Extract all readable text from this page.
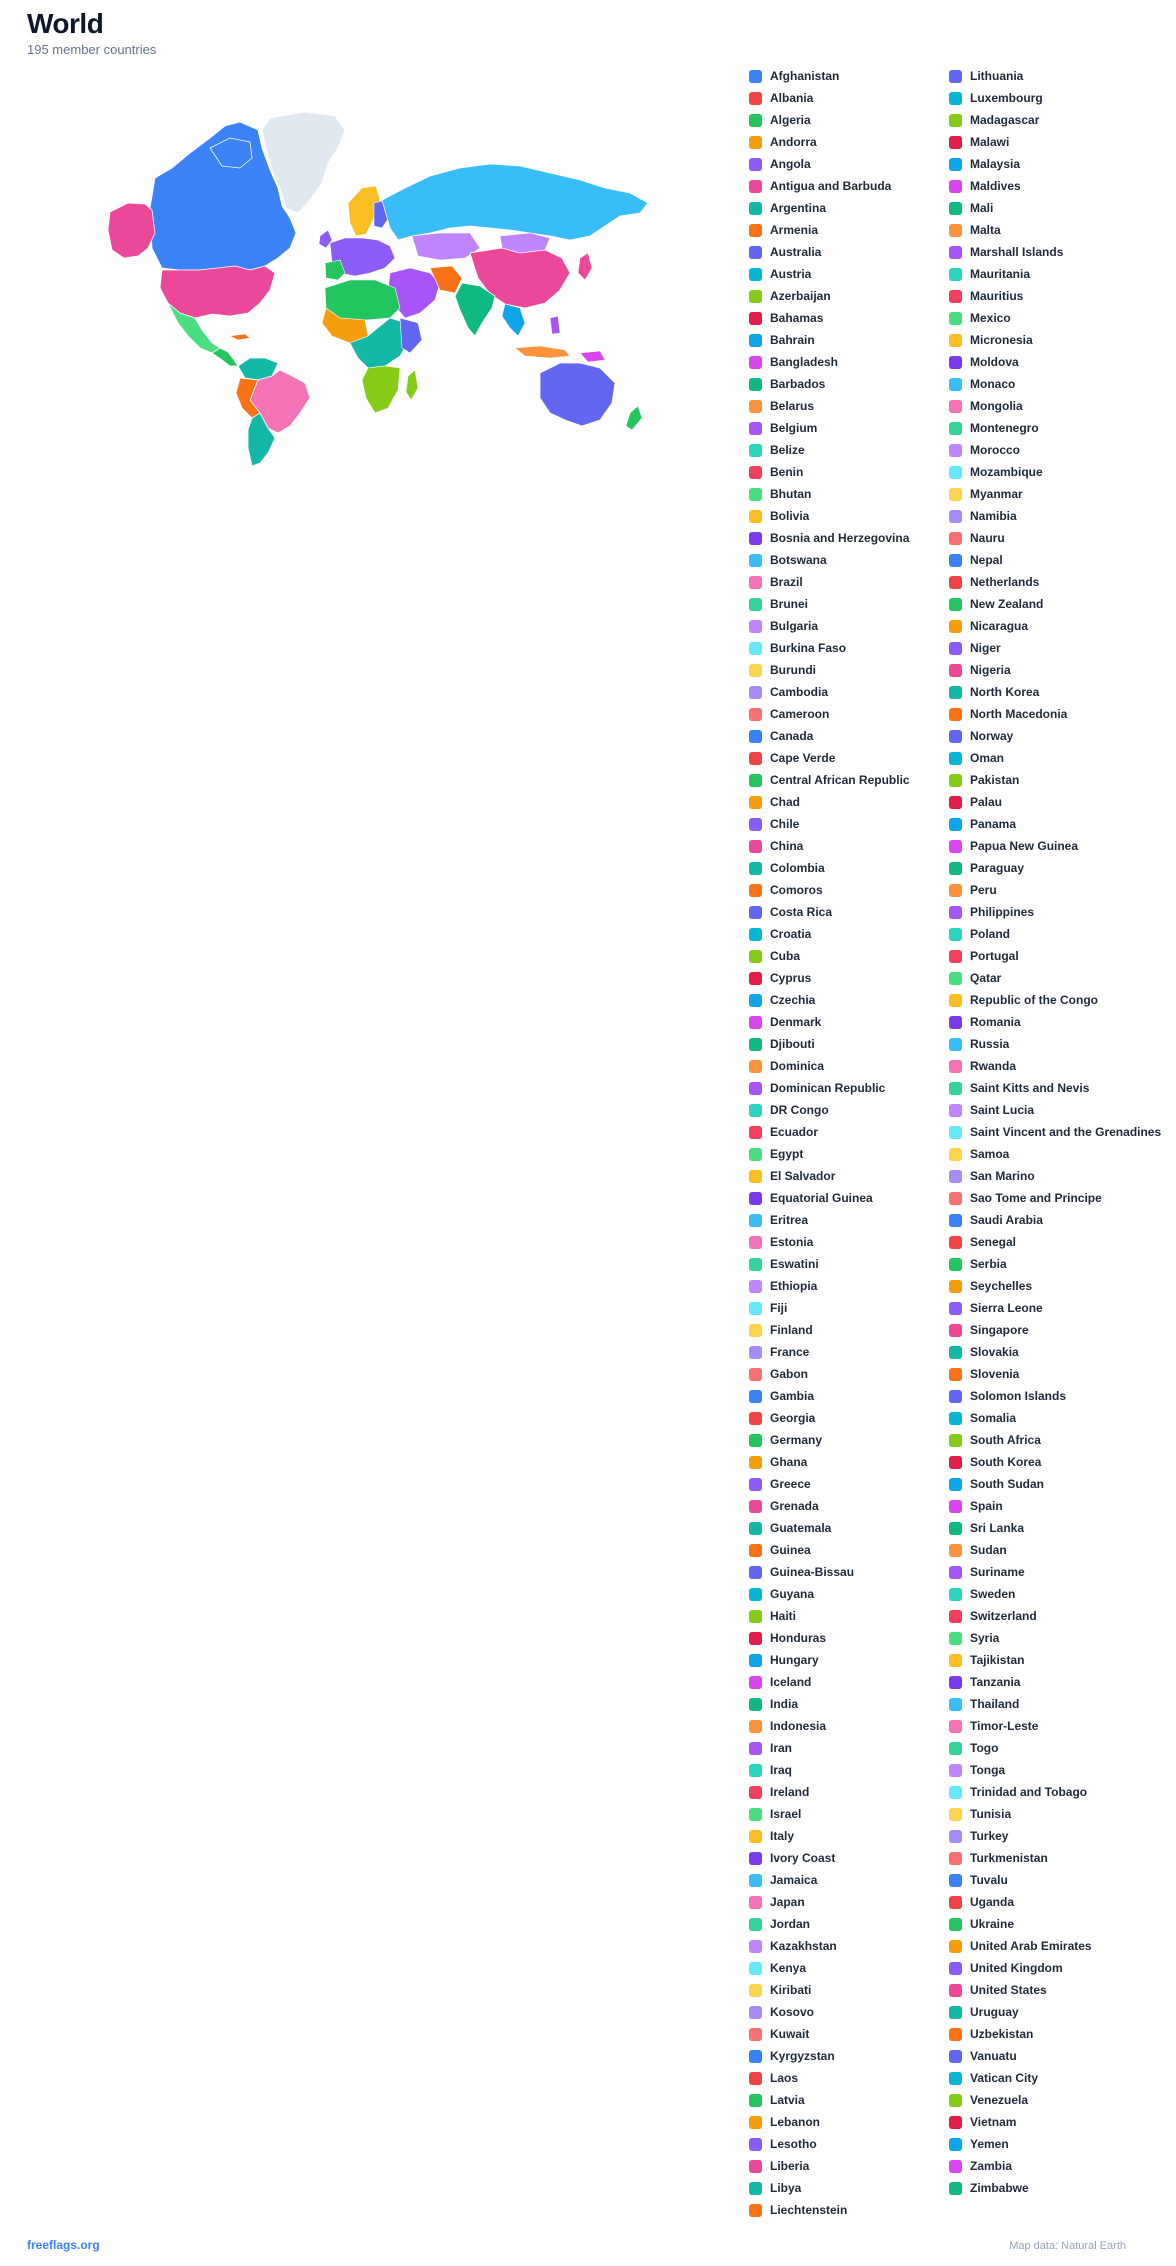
World
195 member countries
Afghanistan
Albania
Algeria
Andorra
Angola
Antigua and Barbuda
Argentina
Armenia
Australia
Austria
Azerbaijan
Bahamas
Bahrain
Bangladesh
Barbados
Belarus
Belgium
Belize
Benin
Bhutan
Bolivia
Bosnia and Herzegovina
Botswana
Brazil
Brunei
Bulgaria
Burkina Faso
Burundi
Cambodia
Cameroon
Canada
Cape Verde
Central African Republic
Chad
Chile
China
Colombia
Comoros
Costa Rica
Croatia
Cuba
Cyprus
Czechia
Denmark
Djibouti
Dominica
Dominican Republic
DR Congo
Ecuador
Egypt
El Salvador
Equatorial Guinea
Eritrea
Estonia
Eswatini
Ethiopia
Fiji
Finland
France
Gabon
Gambia
Georgia
Germany
Ghana
Greece
Grenada
Guatemala
Guinea
Guinea-Bissau
Guyana
Haiti
Honduras
Hungary
Iceland
India
Indonesia
Iran
Iraq
Ireland
Israel
Italy
Ivory Coast
Jamaica
Japan
Jordan
Kazakhstan
Kenya
Kiribati
Kosovo
Kuwait
Kyrgyzstan
Laos
Latvia
Lebanon
Lesotho
Liberia
Libya
Liechtenstein
Lithuania
Luxembourg
Madagascar
Malawi
Malaysia
Maldives
Mali
Malta
Marshall Islands
Mauritania
Mauritius
Mexico
Micronesia
Moldova
Monaco
Mongolia
Montenegro
Morocco
Mozambique
Myanmar
Namibia
Nauru
Nepal
Netherlands
New Zealand
Nicaragua
Niger
Nigeria
North Korea
North Macedonia
Norway
Oman
Pakistan
Palau
Panama
Papua New Guinea
Paraguay
Peru
Philippines
Poland
Portugal
Qatar
Republic of the Congo
Romania
Russia
Rwanda
Saint Kitts and Nevis
Saint Lucia
Saint Vincent and the Grenadines
Samoa
San Marino
Sao Tome and Principe
Saudi Arabia
Senegal
Serbia
Seychelles
Sierra Leone
Singapore
Slovakia
Slovenia
Solomon Islands
Somalia
South Africa
South Korea
South Sudan
Spain
Sri Lanka
Sudan
Suriname
Sweden
Switzerland
Syria
Tajikistan
Tanzania
Thailand
Timor-Leste
Togo
Tonga
Trinidad and Tobago
Tunisia
Turkey
Turkmenistan
Tuvalu
Uganda
Ukraine
United Arab Emirates
United Kingdom
United States
Uruguay
Uzbekistan
Vanuatu
Vatican City
Venezuela
Vietnam
Yemen
Zambia
Zimbabwe
freeflags.org	Map data: Natural Earth
